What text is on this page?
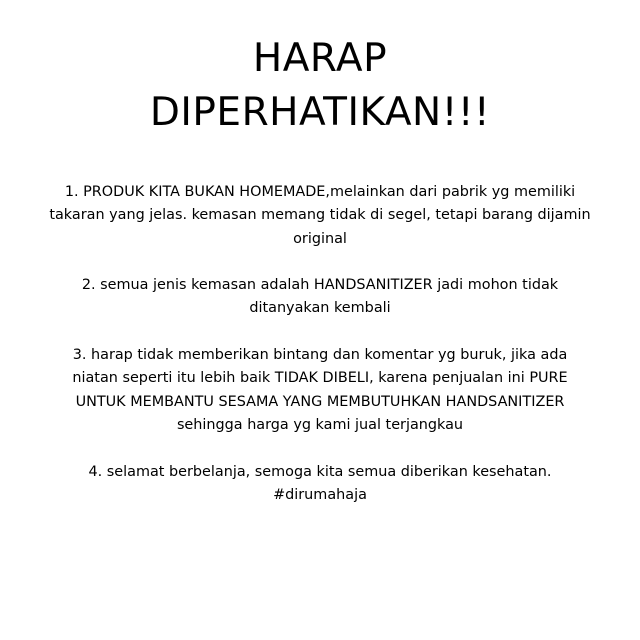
HARAP
DIPERHATIKAN!!!
1. PRODUK KITA BUKAN HOMEMADE,melainkan dari pabrik yg memiliki
takaran yang jelas. kemasan memang tidak di segel, tetapi barang dijamin
original
2. semua jenis kemasan adalah HANDSANITIZER jadi mohon tidak
ditanyakan kembali
3. harap tidak memberikan bintang dan komentar yg buruk, jika ada
niatan seperti itu lebih baik TIDAK DIBELI, karena penjualan ini PURE
UNTUK MEMBANTU SESAMA YANG MEMBUTUHKAN HANDSANITIZER
sehingga harga yg kami jual terjangkau
4. selamat berbelanja, semoga kita semua diberikan kesehatan.
#dirumahaja
